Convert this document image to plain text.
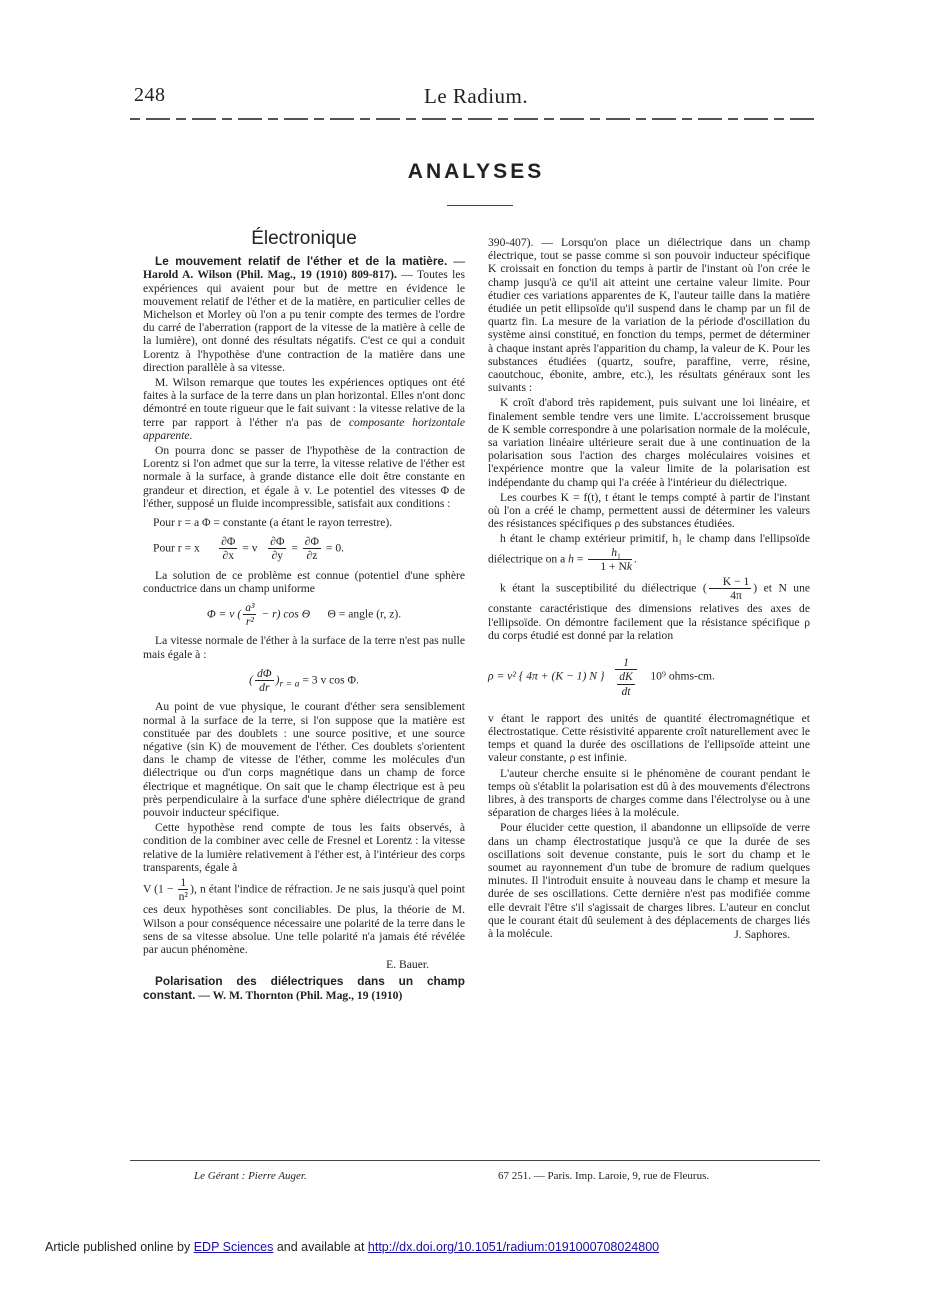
248	Le Radium.
ANALYSES
Électronique

Le mouvement relatif de l'éther et de la matière. — Harold A. Wilson (Phil. Mag., 19 (1910) 809-817). — Toutes les expériences qui avaient pour but de mettre en évidence le mouvement relatif de l'éther et de la matière, en particulier celles de Michelson et Morley où l'on a pu tenir compte des termes de l'ordre du carré de l'aberration (rapport de la vitesse de la matière à celle de la lumière), ont donné des résultats négatifs. C'est ce qui a conduit Lorentz à l'hypothèse d'une contraction de la matière dans une direction parallèle à sa vitesse.

M. Wilson remarque que toutes les expériences optiques ont été faites à la surface de la terre dans un plan horizontal. Elles n'ont donc démontré en toute rigueur que le fait suivant : la vitesse relative de la terre par rapport à l'éther n'a pas de composante horizontale apparente.

On pourra donc se passer de l'hypothèse de la contraction de Lorentz si l'on admet que sur la terre, la vitesse relative de l'éther est normale à la surface, à grande distance elle doit être constante en grandeur et direction, et égale à v. Le potentiel des vitesses Φ de l'éther, supposé un fluide incompressible, satisfait aux conditions :

Pour r = a Φ = constante (a étant le rayon terrestre).
Pour r = x $\frac{\partial\Phi}{\partial x} = v \frac{\partial\Phi}{\partial y} = \frac{\partial\Phi}{\partial z} = 0$.

La solution de ce problème est connue (potentiel d'une sphère conductrice dans un champ uniforme

Φ = v ( $\frac{\text{a³}}{\text{r²}} - r$) cos Θ      Θ = angle (r, z).

La vitesse normale de l'éther à la surface de la terre n'est pas nulle mais égale à :

( $\frac{d\Phi}{dr} )_{r = a} = 3$ v cos Φ.

Au point de vue physique, le courant d'éther sera sensiblement normal à la surface de la terre, si l'on suppose que la matière est constituée par des doublets : une source positive, et une source négative (sin K) de mouvement de l'éther. Ces doublets s'orientent dans le champ de vitesse de l'éther, comme les molécules d'un diélectrique ou d'un corps magnétique dans un champ de force électrique et magnétique. On sait que le champ électrique est à peu près perpendiculaire à la surface d'une sphère diélectrique de grand pouvoir inducteur spécifique.

Cette hypothèse rend compte de tous les faits observés, à condition de la combiner avec celle de Fresnel et Lorentz : la vitesse relative de la lumière relativement à l'éther est, à l'intérieur des corps transparents, égale à

V ($1 - \frac{1}{\text{n²}}$ ), n étant l'indice de réfraction. Je ne sais jusqu'à quel point ces deux hypothèses sont conciliables. De plus, la théorie de M. Wilson a pour conséquence nécessaire une polarité de la terre dans le sens de sa vitesse absolue. Une telle polarité n'a jamais été révélée par aucun phénomène.

E. Bauer.

Polarisation des diélectriques dans un champ constant. — W. M. Thornton (Phil. Mag., 19 (1910)

390-407). — Lorsqu'on place un diélectrique dans un champ électrique, tout se passe comme si son pouvoir inducteur spécifique K croissait en fonction du temps à partir de l'instant où l'on crée le champ jusqu'à ce qu'il ait atteint une certaine valeur limite. Pour étudier ces variations apparentes de K, l'auteur taille dans la matière étudiée un petit ellipsoïde qu'il suspend dans le champ par un fil de quartz fin. La mesure de la variation de la période d'oscillation du système ainsi constitué, en fonction du temps, permet de déterminer à chaque instant après l'apparition du champ, la valeur de K. Pour les substances étudiées (quartz, soufre, paraffine, verre, résine, caoutchouc, ébonite, ambre, etc.), les résultats généraux sont les suivants :

K croît d'abord très rapidement, puis suivant une loi linéaire, et finalement semble tendre vers une limite. L'accroissement brusque de K semble correspondre à une polarisation normale de la molécule, sa variation linéaire ultérieure serait due à une continuation de la polarisation sous l'action des charges moléculaires voisines et l'expérience montre que la valeur limite de la polarisation est indépendante du champ qui l'a créée à l'intérieur du diélectrique.

Les courbes K = f(t), t étant le temps compté à partir de l'instant où l'on a créé le champ, permettent aussi de déterminer les valeurs des résistances spécifiques ρ des substances étudiées.

h étant le champ extérieur primitif, h₁ le champ dans l'ellipsoïde diélectrique on a $h = \frac{\text{h₁}}{1 + Nk}$ .

k étant la susceptibilité du diélectrique ( $\frac{K - 1}{4\pi}$ ) et N une constante caractéristique des dimensions relatives des axes de l'ellipsoïde. On démontre facilement que la résistance spécifique ρ du corps étudié est donné par la relation

ρ = v² { 4π + (K − 1) N } $\frac{1}{\frac{dK}{dt}} 10^9$ ohms-cm.

v étant le rapport des unités de quantité électromagnétique et électrostatique. Cette résistivité apparente croît naturellement avec le temps et quand la durée des oscillations de l'ellipsoïde atteint une valeur constante, ρ est infinie.

L'auteur cherche ensuite si le phénomène de courant pendant le temps où s'établit la polarisation est dû à des mouvements d'électrons libres, à des transports de charges comme dans l'électrolyse ou à une séparation de charges liées à la molécule.

Pour élucider cette question, il abandonne un ellipsoïde de verre dans un champ électrostatique jusqu'à ce que la durée de ses oscillations soit devenue constante, puis le sort du champ et le soumet au rayonnement d'un tube de bromure de radium quelques minutes. Il l'introduit ensuite à nouveau dans le champ et mesure la durée de ses oscillations. Cette dernière n'est pas modifiée comme elle devrait l'être s'il s'agissait de charges libres. L'auteur en conclut que le courant était dû seulement à des déplacements de charges liés à la molécule.	J. Saphores.
Le Gérant : Pierre Auger.	67 251. — Paris. Imp. Laroie, 9, rue de Fleurus.
Article published online by EDP Sciences and available at http://dx.doi.org/10.1051/radium:0191000708024800
